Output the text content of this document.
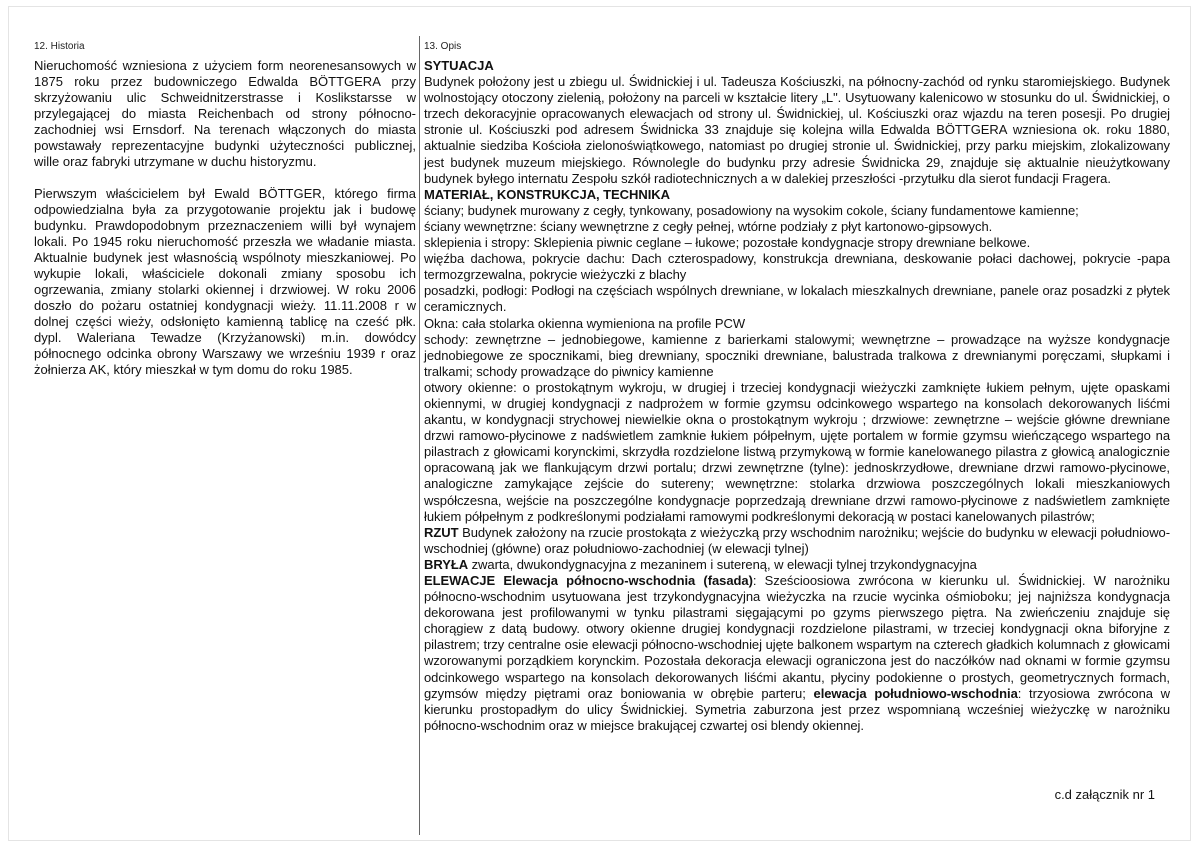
12. Historia

Nieruchomość wzniesiona z użyciem form neorenesansowych w 1875 roku przez budowniczego Edwalda BÖTTGERA przy skrzyżowaniu ulic Schweidnitzerstrasse i Koslikstarsse w przylegającej do miasta Reichenbach od strony północno-zachodniej wsi Ernsdorf. Na terenach włączonych do miasta powstawały reprezentacyjne budynki użyteczności publicznej, wille oraz fabryki utrzymane w duchu historyzmu.

Pierwszym właścicielem był Ewald BÖTTGER, którego firma odpowiedzialna była za przygotowanie projektu jak i budowę budynku. Prawdopodobnym przeznaczeniem willi był wynajem lokali. Po 1945 roku nieruchomość przeszła we władanie miasta. Aktualnie budynek jest własnością wspólnoty mieszkaniowej. Po wykupie lokali, właściciele dokonali zmiany sposobu ich ogrzewania, zmiany stolarki okiennej i drzwiowej. W roku 2006 doszło do pożaru ostatniej kondygnacji wieży. 11.11.2008 r w dolnej części wieży, odsłonięto kamienną tablicę na cześć płk. dypl. Waleriana Tewadze (Krzyżanowski) m.in. dowódcy północnego odcinka obrony Warszawy we wrześniu 1939 r oraz żołnierza AK, który mieszkał w tym domu do roku 1985.

13. Opis

SYTUACJA

Budynek położony jest u zbiegu ul. Świdnickiej i ul. Tadeusza Kościuszki, na północny-zachód od rynku staromiejskiego. Budynek wolnostojący otoczony zielenią, położony na parceli w kształcie litery „L". Usytuowany kalenicowo w stosunku do ul. Świdnickiej, o trzech dekoracyjnie opracowanych elewacjach od strony ul. Świdnickiej, ul. Kościuszki oraz wjazdu na teren posesji. Po drugiej stronie ul. Kościuszki pod adresem Świdnicka 33 znajduje się kolejna willa Edwalda BÖTTGERA wzniesiona ok. roku 1880, aktualnie siedziba Kościoła zielonoświątkowego, natomiast po drugiej stronie ul. Świdnickiej, przy parku miejskim, zlokalizowany jest budynek muzeum miejskiego. Równolegle do budynku przy adresie Świdnicka 29, znajduje się aktualnie nieużytkowany budynek byłego internatu Zespołu szkół radiotechnicznych a w dalekiej przeszłości -przytułku dla sierot fundacji Fragera.

MATERIAŁ, KONSTRUKCJA, TECHNIKA

ściany; budynek murowany z cegły, tynkowany, posadowiony na wysokim cokole, ściany fundamentowe kamienne;

ściany wewnętrzne: ściany wewnętrzne z cegły pełnej, wtórne podziały z płyt kartonowo-gipsowych.

sklepienia i stropy: Sklepienia piwnic ceglane – łukowe; pozostałe kondygnacje stropy drewniane belkowe.

więźba dachowa, pokrycie dachu: Dach czterospadowy, konstrukcja drewniana, deskowanie połaci dachowej, pokrycie -papa termozgrzewalna, pokrycie wieżyczki z blachy

posadzki, podłogi: Podłogi na częściach wspólnych drewniane, w lokalach mieszkalnych drewniane, panele oraz posadzki z płytek ceramicznych.

Okna: cała stolarka okienna wymieniona na profile PCW

schody: zewnętrzne – jednobiegowe, kamienne z barierkami stalowymi; wewnętrzne – prowadzące na wyższe kondygnacje jednobiegowe ze spocznikami, bieg drewniany, spoczniki drewniane, balustrada tralkowa z drewnianymi poręczami, słupkami i tralkami; schody prowadzące do piwnicy kamienne

otwory okienne: o prostokątnym wykroju, w drugiej i trzeciej kondygnacji wieżyczki zamknięte łukiem pełnym, ujęte opaskami okiennymi, w drugiej kondygnacji z nadprożem w formie gzymsu odcinkowego wspartego na konsolach dekorowanych liśćmi akantu, w kondygnacji strychowej niewielkie okna o prostokątnym wykroju ; drzwiowe: zewnętrzne – wejście główne drewniane drzwi ramowo-płycinowe z nadświetlem zamknie łukiem półpełnym, ujęte portalem w formie gzymsu wieńczącego wspartego na pilastrach z głowicami korynckimi, skrzydła rozdzielone listwą przymykową w formie kanelowanego pilastra z głowicą analogicznie opracowaną jak we flankującym drzwi portalu; drzwi zewnętrzne (tylne): jednoskrzydłowe, drewniane drzwi ramowo-płycinowe, analogiczne zamykające zejście do sutereny; wewnętrzne: stolarka drzwiowa poszczególnych lokali mieszkaniowych współczesna, wejście na poszczególne kondygnacje poprzedzają drewniane drzwi ramowo-płycinowe z nadświetlem zamknięte łukiem półpełnym z podkreślonymi podziałami ramowymi podkreślonymi dekoracją w postaci kanelowanych pilastrów;

RZUT Budynek założony na rzucie prostokąta z wieżyczką przy wschodnim narożniku; wejście do budynku w elewacji południowo-wschodniej (główne) oraz południowo-zachodniej (w elewacji tylnej)

BRYŁA zwarta, dwukondygnacyjna z mezaninem i sutereną, w elewacji tylnej trzykondygnacyjna

ELEWACJE Elewacja północno-wschodnia (fasada): Sześcioosiowa zwrócona w kierunku ul. Świdnickiej. W narożniku północno-wschodnim usytuowana jest trzykondygnacyjna wieżyczka na rzucie wycinka ośmioboku; jej najniższa kondygnacja dekorowana jest profilowanymi w tynku pilastrami sięgającymi po gzyms pierwszego piętra. Na zwieńczeniu znajduje się chorągiew z datą budowy. otwory okienne drugiej kondygnacji rozdzielone pilastrami, w trzeciej kondygnacji okna biforyjne z pilastrem; trzy centralne osie elewacji północno-wschodniej ujęte balkonem wspartym na czterech gładkich kolumnach z głowicami wzorowanymi porządkiem korynckim. Pozostała dekoracja elewacji ograniczona jest do naczółków nad oknami w formie gzymsu odcinkowego wspartego na konsolach dekorowanych liśćmi akantu, płyciny podokienne o prostych, geometrycznych formach, gzymsów między piętrami oraz boniowania w obrębie parteru; elewacja południowo-wschodnia: trzyosiowa zwrócona w kierunku prostopadłym do ulicy Świdnickiej. Symetria zaburzona jest przez wspomnianą wcześniej wieżyczkę w narożniku północno-wschodnim oraz w miejsce brakującej czwartej osi blendy okiennej.

c.d załącznik nr 1
